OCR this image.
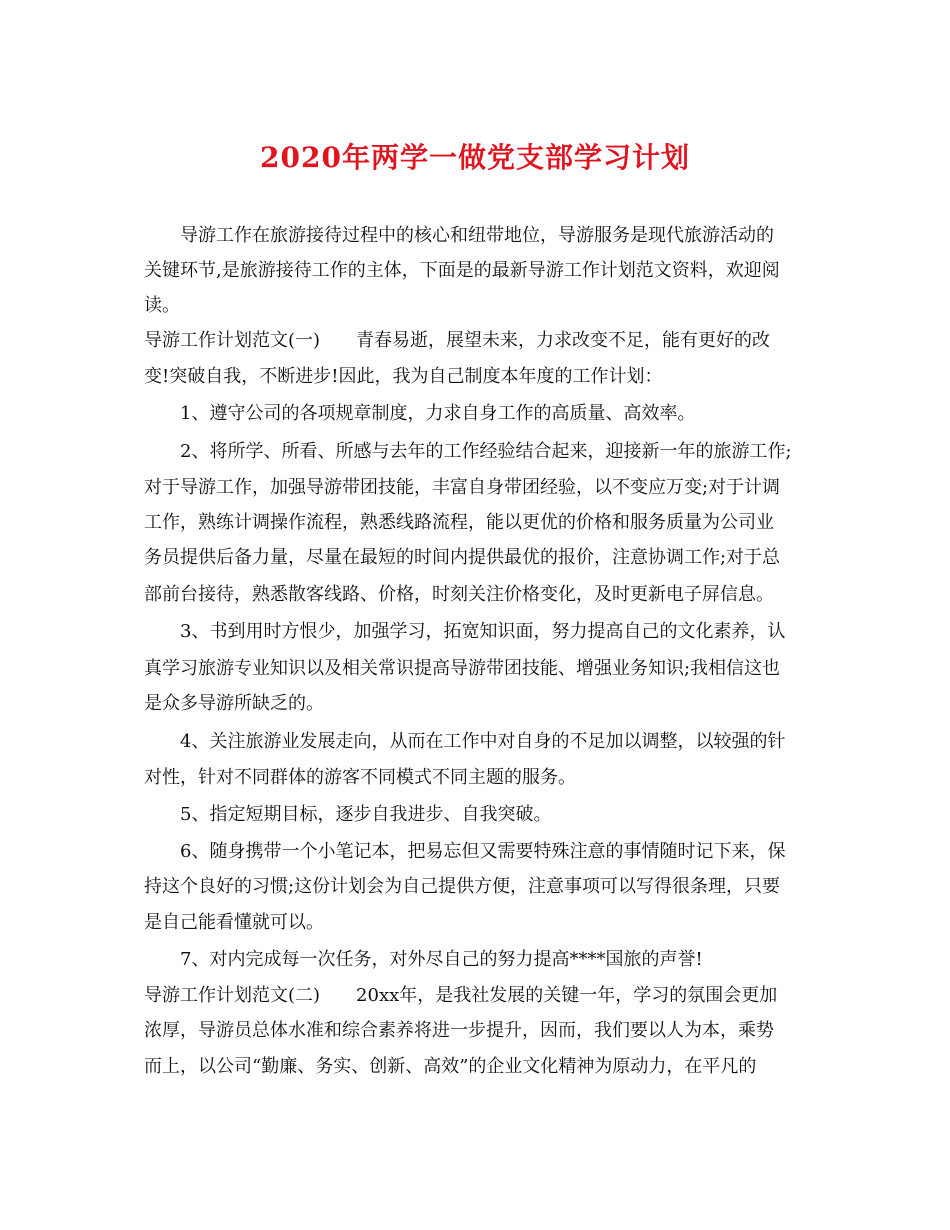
2020年两学一做党支部学习计划
导游工作在旅游接待过程中的核心和纽带地位，导游服务是现代旅游活动的
关键环节,是旅游接待工作的主体，下面是的最新导游工作计划范文资料，欢迎阅
读。
导游工作计划范文(一)　　青春易逝，展望未来，力求改变不足，能有更好的改
变!突破自我，不断进步!因此，我为自己制度本年度的工作计划：
1、遵守公司的各项规章制度，力求自身工作的高质量、高效率。
2、将所学、所看、所感与去年的工作经验结合起来，迎接新一年的旅游工作;
对于导游工作，加强导游带团技能，丰富自身带团经验，以不变应万变;对于计调
工作，熟练计调操作流程，熟悉线路流程，能以更优的价格和服务质量为公司业
务员提供后备力量，尽量在最短的时间内提供最优的报价，注意协调工作;对于总
部前台接待，熟悉散客线路、价格，时刻关注价格变化，及时更新电子屏信息。
3、书到用时方恨少，加强学习，拓宽知识面，努力提高自己的文化素养，认
真学习旅游专业知识以及相关常识提高导游带团技能、增强业务知识;我相信这也
是众多导游所缺乏的。
4、关注旅游业发展走向，从而在工作中对自身的不足加以调整，以较强的针
对性，针对不同群体的游客不同模式不同主题的服务。
5、指定短期目标，逐步自我进步、自我突破。
6、随身携带一个小笔记本，把易忘但又需要特殊注意的事情随时记下来，保
持这个良好的习惯;这份计划会为自己提供方便，注意事项可以写得很条理，只要
是自己能看懂就可以。
7、对内完成每一次任务，对外尽自己的努力提高****国旅的声誉!
导游工作计划范文(二)　　20xx年，是我社发展的关键一年，学习的氛围会更加
浓厚，导游员总体水准和综合素养将进一步提升，因而，我们要以人为本，乘势
而上，以公司“勤廉、务实、创新、高效”的企业文化精神为原动力，在平凡的
